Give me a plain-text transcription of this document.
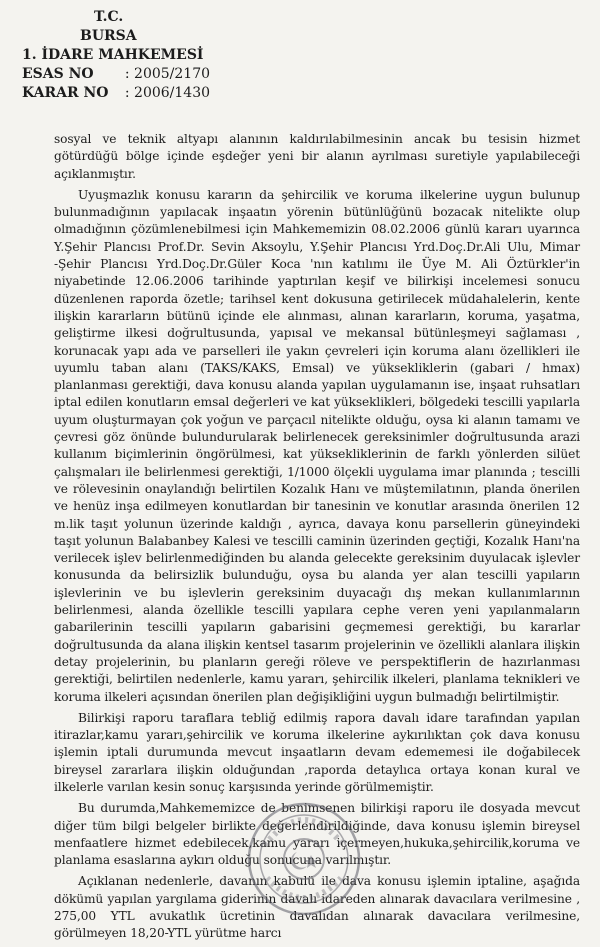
T.C.
BURSA
1. İDARE MAHKEMESİ
ESAS NO : 2005/2170
KARAR NO : 2006/1430

sosyal ve teknik altyapı alanının kaldırılabilmesinin ancak bu tesisin hizmet götürdüğü bölge içinde eşdeğer yeni bir alanın ayrılması suretiyle yapılabileceği açıklanmıştır.

Uyuşmazlık konusu kararın da şehircilik ve koruma ilkelerine uygun bulunup bulunmadığının yapılacak inşaatın yörenin bütünlüğünü bozacak nitelikte olup olmadığının çözümlenebilmesi için Mahkememizin 08.02.2006 günlü kararı uyarınca Y.Şehir Plancısı Prof.Dr. Sevin Aksoylu, Y.Şehir Plancısı Yrd.Doç.Dr.Ali Ulu, Mimar -Şehir Plancısı Yrd.Doç.Dr.Güler Koca 'nın katılımı ile Üye M. Ali Öztürkler'in niyabetinde 12.06.2006 tarihinde yaptırılan keşif ve bilirkişi incelemesi sonucu düzenlenen raporda özetle; tarihsel kent dokusuna getirilecek müdahalelerin, kente ilişkin kararların bütünü içinde ele alınması, alınan kararların, koruma, yaşatma, geliştirme ilkesi doğrultusunda, yapısal ve mekansal bütünleşmeyi sağlaması , korunacak yapı ada ve parselleri ile yakın çevreleri için koruma alanı özellikleri ile uyumlu taban alanı (TAKS/KAKS, Emsal) ve yüksekliklerin (gabari / hmax) planlanması gerektiği, dava konusu alanda yapılan uygulamanın ise, inşaat ruhsatları iptal edilen konutların emsal değerleri ve kat yükseklikleri, bölgedeki tescilli yapılarla uyum oluşturmayan çok yoğun ve parçacıl nitelikte olduğu, oysa ki alanın tamamı ve çevresi göz önünde bulundurularak belirlenecek gereksinimler doğrultusunda arazi kullanım biçimlerinin öngörülmesi, kat yüksekliklerinin de farklı yönlerden silüet çalışmaları ile belirlenmesi gerektiği, 1/1000 ölçekli uygulama imar planında ; tescilli ve rölevesinin onaylandığı belirtilen Kozalık Hanı ve müştemilatının, planda önerilen ve henüz inşa edilmeyen konutlardan bir tanesinin ve konutlar arasında önerilen 12 m.lik taşıt yolunun üzerinde kaldığı , ayrıca, davaya konu parsellerin güneyindeki taşıt yolunun Balabanbey Kalesi ve tescilli caminin üzerinden geçtiği, Kozalık Hanı'na verilecek işlev belirlenmediğinden bu alanda gelecekte gereksinim duyulacak işlevler konusunda da belirsizlik bulunduğu, oysa bu alanda yer alan tescilli yapıların işlevlerinin ve bu işlevlerin gereksinim duyacağı dış mekan kullanımlarının belirlenmesi, alanda özellikle tescilli yapılara cephe veren yeni yapılanmaların gabarilerinin tescilli yapıların gabarisini geçmemesi gerektiği, bu kararlar doğrultusunda da alana ilişkin kentsel tasarım projelerinin ve özellikli alanlara ilişkin detay projelerinin, bu planların gereği röleve ve perspektiflerin de hazırlanması gerektiği, belirtilen nedenlerle, kamu yararı, şehircilik ilkeleri, planlama teknikleri ve koruma ilkeleri açısından önerilen plan değişikliğini uygun bulmadığı belirtilmiştir.

Bilirkişi raporu taraflara tebliğ edilmiş rapora davalı idare tarafından yapılan itirazlar,kamu yararı,şehircilik ve koruma ilkelerine aykırılıktan çok dava konusu işlemin iptali durumunda mevcut inşaatların devam edememesi ile doğabilecek bireysel zararlara ilişkin olduğundan ,raporda detaylıca ortaya konan kural ve ilkelerle varılan kesin sonuç karşısında yerinde görülmemiştir.

Bu durumda,Mahkememizce de benimsenen bilirkişi raporu ile dosyada mevcut diğer tüm bilgi belgeler birlikte değerlendirildiğinde, dava konusu işlemin bireysel menfaatlere hizmet edebilecek,kamu yararı içermeyen,hukuka,şehircilik,koruma ve planlama esaslarına aykırı olduğu sonucuna varılmıştır.

Açıklanan nedenlerle, davanın kabulü ile dava konusu işlemin iptaline, aşağıda dökümü yapılan yargılama giderinin davalı idareden alınarak davacılara verilmesine , 275,00 YTL avukatlık ücretinin davalıdan alınarak davacılara verilmesine, görülmeyen 18,20-YTL yürütme harcı
